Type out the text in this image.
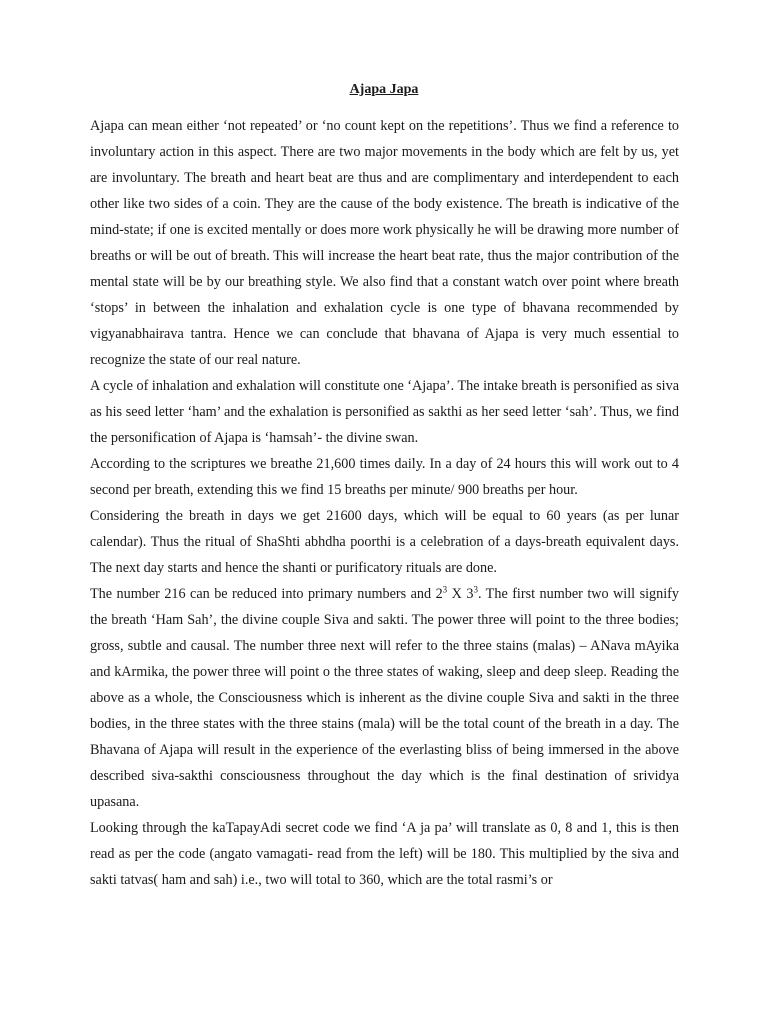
Ajapa Japa

Ajapa can mean either ‘not repeated’ or ‘no count kept on the repetitions’. Thus we find a reference to involuntary action in this aspect. There are two major movements in the body which are felt by us, yet are involuntary. The breath and heart beat are thus and are complimentary and interdependent to each other like two sides of a coin. They are the cause of the body existence. The breath is indicative of the mind-state; if one is excited mentally or does more work physically he will be drawing more number of breaths or will be out of breath. This will increase the heart beat rate, thus the major contribution of the mental state will be by our breathing style. We also find that a constant watch over point where breath ‘stops’ in between the inhalation and exhalation cycle is one type of bhavana recommended by vigyanabhairava tantra. Hence we can conclude that bhavana of Ajapa is very much essential to recognize the state of our real nature.

A cycle of inhalation and exhalation will constitute one ‘Ajapa’. The intake breath is personified as siva as his seed letter ‘ham’ and the exhalation is personified as sakthi as her seed letter ‘sah’. Thus, we find the personification of Ajapa is ‘hamsah’- the divine swan.

According to the scriptures we breathe 21,600 times daily. In a day of 24 hours this will work out to 4 second per breath, extending this we find 15 breaths per minute/ 900 breaths per hour.

Considering the breath in days we get 21600 days, which will be equal to 60 years (as per lunar calendar). Thus the ritual of ShaShti abhdha poorthi is a celebration of a days-breath equivalent days. The next day starts and hence the shanti or purificatory rituals are done.

The number 216 can be reduced into primary numbers and $2^3$ X $3^3$. The first number two will signify the breath ‘Ham Sah’, the divine couple Siva and sakti. The power three will point to the three bodies; gross, subtle and causal. The number three next will refer to the three stains (malas) – ANava mAyika and kArmika, the power three will point o the three states of waking, sleep and deep sleep. Reading the above as a whole, the Consciousness which is inherent as the divine couple Siva and sakti in the three bodies, in the three states with the three stains (mala) will be the total count of the breath in a day. The Bhavana of Ajapa will result in the experience of the everlasting bliss of being immersed in the above described siva-sakthi consciousness throughout the day which is the final destination of srividya upasana.

Looking through the kaTapayAdi secret code we find ‘A ja pa’ will translate as 0, 8 and 1, this is then read as per the code (angato vamagati- read from the left) will be 180. This multiplied by the siva and sakti tatvas( ham and sah) i.e., two will total to 360, which are the total rasmi’s or
